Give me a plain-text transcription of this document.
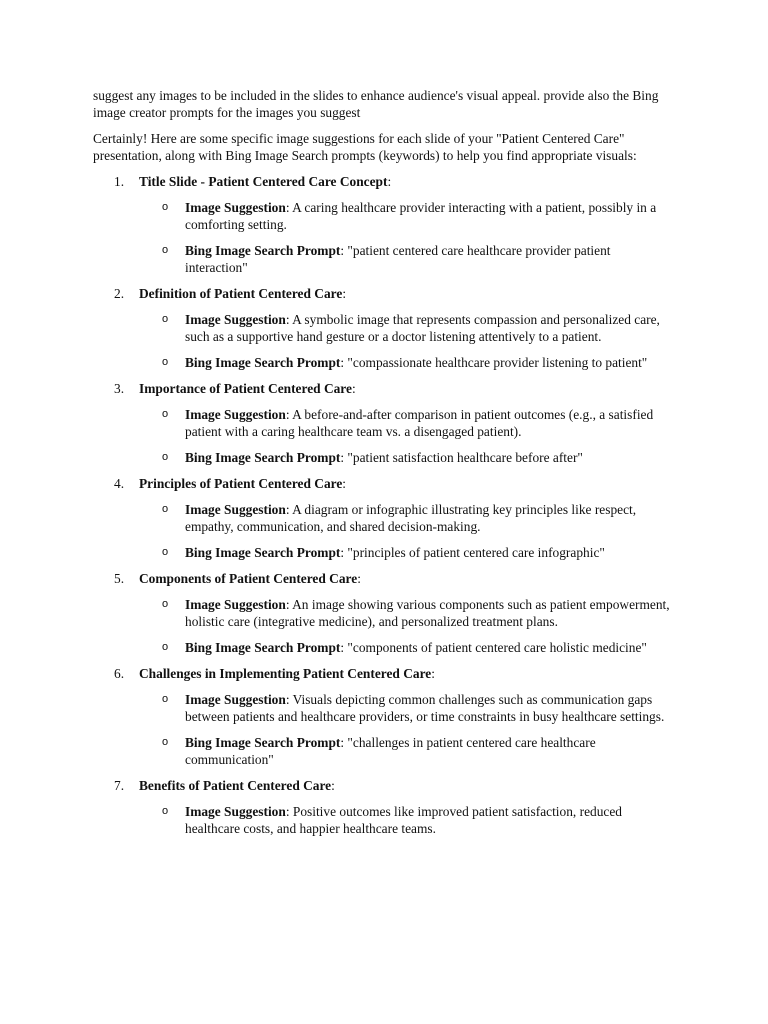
suggest any images to be included in the slides to enhance audience's visual appeal. provide also the Bing image creator prompts for the images you suggest

Certainly! Here are some specific image suggestions for each slide of your "Patient Centered Care" presentation, along with Bing Image Search prompts (keywords) to help you find appropriate visuals:

1. Title Slide - Patient Centered Care Concept:
o Image Suggestion: A caring healthcare provider interacting with a patient, possibly in a comforting setting.
o Bing Image Search Prompt: "patient centered care healthcare provider patient interaction"
2. Definition of Patient Centered Care:
o Image Suggestion: A symbolic image that represents compassion and personalized care, such as a supportive hand gesture or a doctor listening attentively to a patient.
o Bing Image Search Prompt: "compassionate healthcare provider listening to patient"
3. Importance of Patient Centered Care:
o Image Suggestion: A before-and-after comparison in patient outcomes (e.g., a satisfied patient with a caring healthcare team vs. a disengaged patient).
o Bing Image Search Prompt: "patient satisfaction healthcare before after"
4. Principles of Patient Centered Care:
o Image Suggestion: A diagram or infographic illustrating key principles like respect, empathy, communication, and shared decision-making.
o Bing Image Search Prompt: "principles of patient centered care infographic"
5. Components of Patient Centered Care:
o Image Suggestion: An image showing various components such as patient empowerment, holistic care (integrative medicine), and personalized treatment plans.
o Bing Image Search Prompt: "components of patient centered care holistic medicine"
6. Challenges in Implementing Patient Centered Care:
o Image Suggestion: Visuals depicting common challenges such as communication gaps between patients and healthcare providers, or time constraints in busy healthcare settings.
o Bing Image Search Prompt: "challenges in patient centered care healthcare communication"
7. Benefits of Patient Centered Care:
o Image Suggestion: Positive outcomes like improved patient satisfaction, reduced healthcare costs, and happier healthcare teams.
